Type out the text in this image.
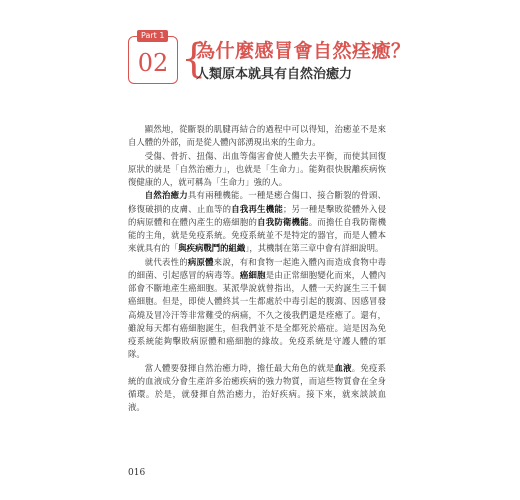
Part 1
02 {
為什麼感冒會自然痊癒？
人類原本就具有自然治癒力

顯然地，從斷裂的肌腱再結合的過程中可以得知，治癒並不是來自人體的外部，而是從人體內部湧現出來的生命力。

受傷、骨折、扭傷、出血等傷害會使人體失去平衡，而使其回復原狀的就是「自然治癒力」，也就是「生命力」。能夠很快脫離疾病恢復健康的人，就可稱為「生命力」強的人。

自然治癒力具有兩種機能。一種是癒合傷口、接合斷裂的骨頭、修復破損的皮膚、止血等的自我再生機能；另一種是擊敗從體外入侵的病原體和在體內產生的癌細胞的自我防衛機能。而擔任自我防衛機能的主角，就是免疫系統。免疫系統並不是特定的器官，而是人體本來就具有的「與疾病戰鬥的組織」，其機制在第三章中會有詳細說明。

就代表性的病原體來說，有和食物一起進入體內而造成食物中毒的細菌、引起感冒的病毒等。癌細胞是由正常細胞變化而來，人體內部會不斷地產生癌細胞。某派學說就曾指出，人體一天約誕生三千個癌細胞。但是，即使人體終其一生都處於中毒引起的腹瀉、因感冒發高燒及冒冷汗等非常難受的病痛，不久之後我們還是痊癒了。還有，雖說每天都有癌細胞誕生，但我們並不是全都死於癌症。這是因為免疫系統能夠擊敗病原體和癌細胞的緣故。免疫系統是守護人體的軍隊。

當人體要發揮自然治癒力時，擔任最大角色的就是血液。免疫系統的血液成分會生產許多治癒疾病的強力物質，而這些物質會在全身循環。於是，就發揮自然治癒力，治好疾病。接下來，就來談談血液。

016
